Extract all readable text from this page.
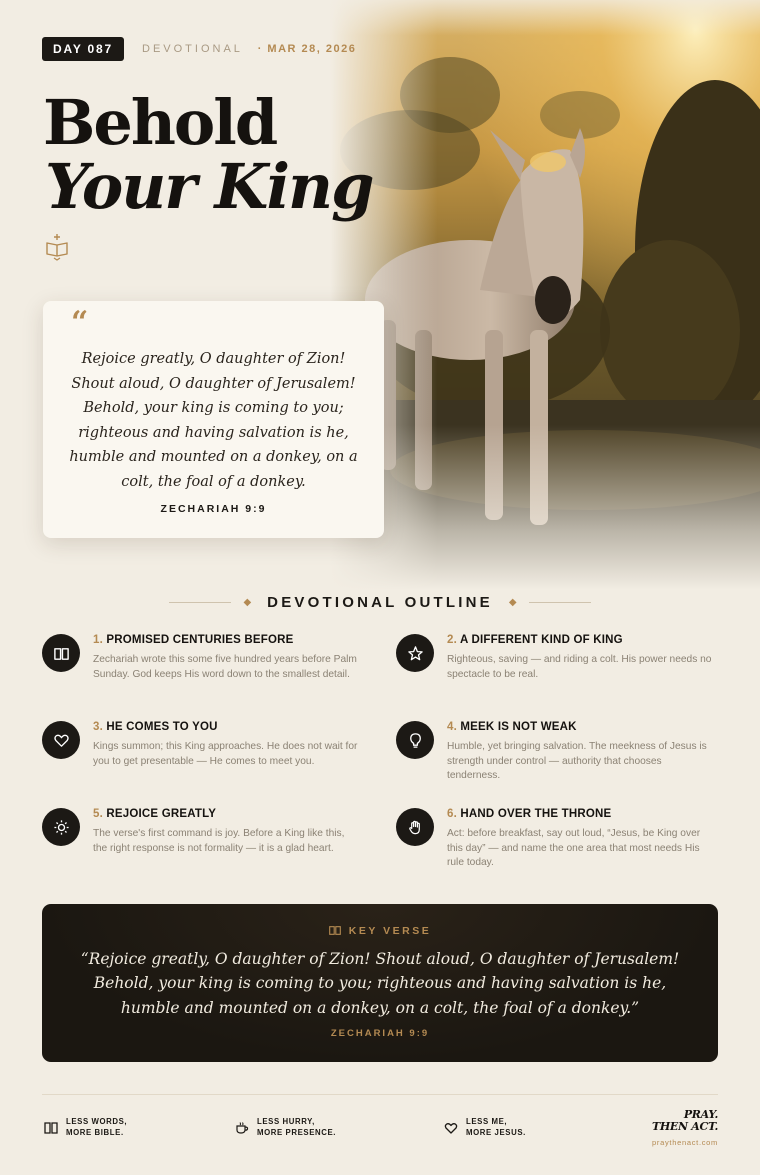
DAY 087	DEVOTIONAL · MAR 28, 2026
Behold
Your King
“
Rejoice greatly, O daughter of Zion! Shout aloud, O daughter of Jerusalem! Behold, your king is coming to you; righteous and having salvation is he, humble and mounted on a donkey, on a colt, the foal of a donkey.
ZECHARIAH 9:9
◆ DEVOTIONAL OUTLINE ◆
1. PROMISED CENTURIES BEFORE
Zechariah wrote this some five hundred years before Palm Sunday. God keeps His word down to the smallest detail.
2. A DIFFERENT KIND OF KING
Righteous, saving — and riding a colt. His power needs no spectacle to be real.
3. HE COMES TO YOU
Kings summon; this King approaches. He does not wait for you to get presentable — He comes to meet you.
4. MEEK IS NOT WEAK
Humble, yet bringing salvation. The meekness of Jesus is strength under control — authority that chooses tenderness.
5. REJOICE GREATLY
The verse's first command is joy. Before a King like this, the right response is not formality — it is a glad heart.
6. HAND OVER THE THRONE
Act: before breakfast, say out loud, “Jesus, be King over this day” — and name the one area that most needs His rule today.
KEY VERSE
“Rejoice greatly, O daughter of Zion! Shout aloud, O daughter of Jerusalem! Behold, your king is coming to you; righteous and having salvation is he, humble and mounted on a donkey, on a colt, the foal of a donkey.”
ZECHARIAH 9:9
LESS WORDS,
MORE BIBLE.
LESS HURRY,
MORE PRESENCE.
LESS ME,
MORE JESUS.
PRAY.
THEN ACT.
praythenact.com
